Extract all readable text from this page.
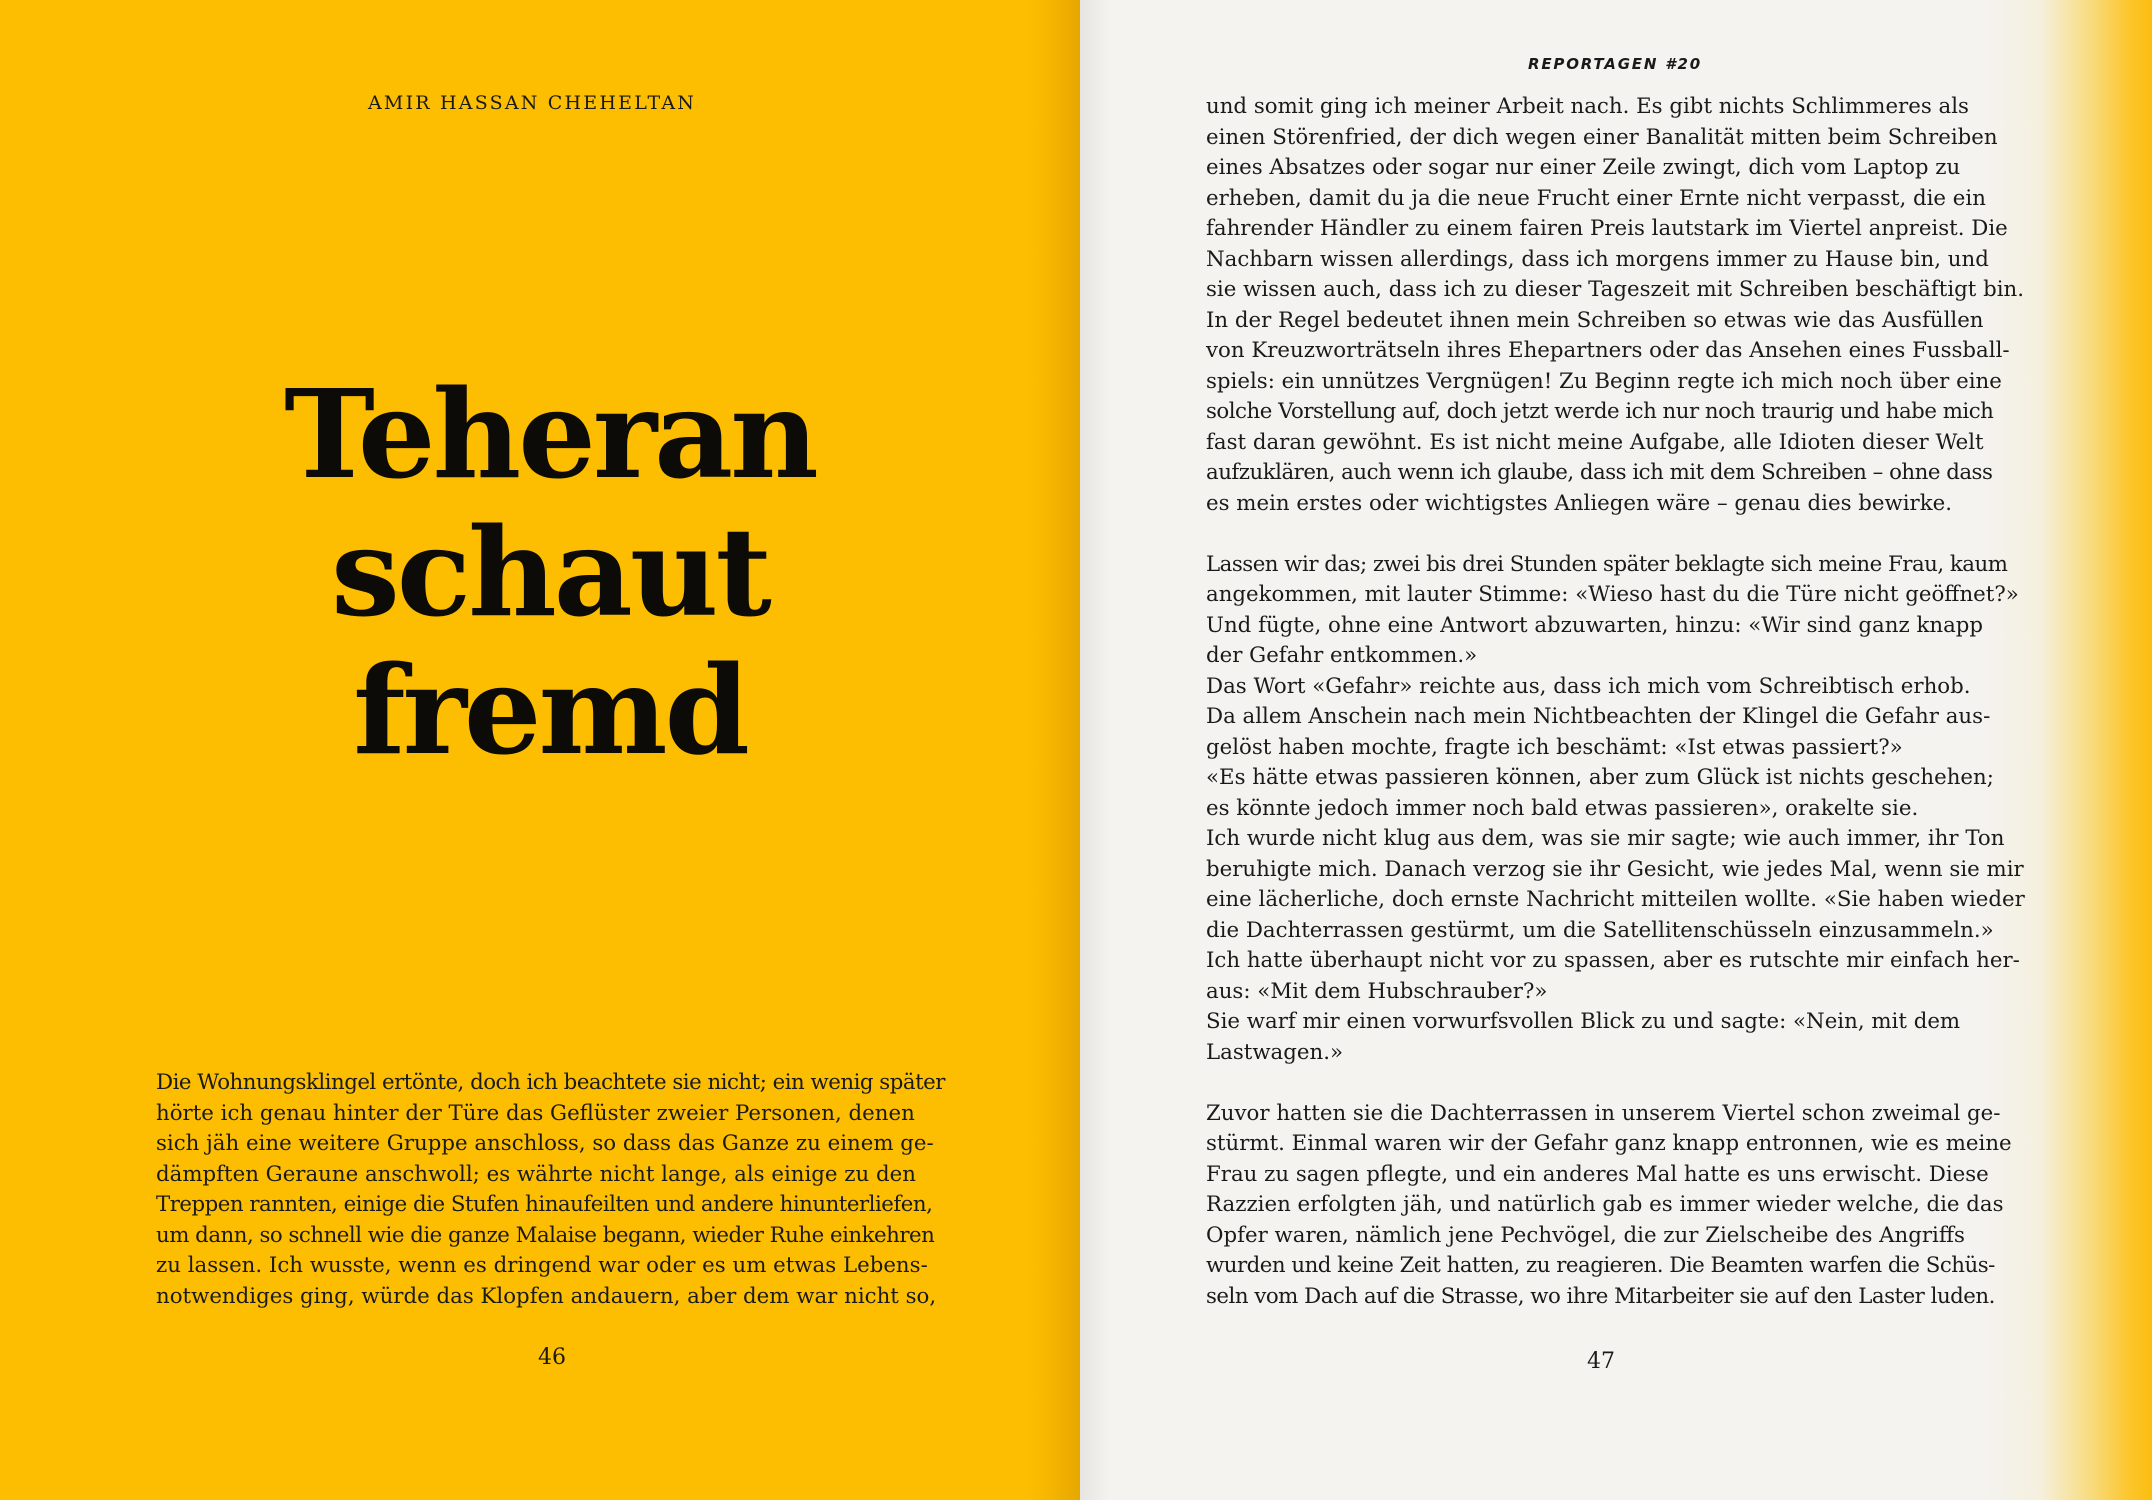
AMIR HASSAN CHEHELTAN
Teheran
schaut
fremd
Die Wohnungsklingel ertönte, doch ich beachtete sie nicht; ein wenig später
hörte ich genau hinter der Türe das Geflüster zweier Personen, denen
sich jäh eine weitere Gruppe anschloss, so dass das Ganze zu einem ge-
dämpften Geraune anschwoll; es währte nicht lange, als einige zu den
Treppen rannten, einige die Stufen hinaufeilten und andere hinunterliefen,
um dann, so schnell wie die ganze Malaise begann, wieder Ruhe einkehren
zu lassen. Ich wusste, wenn es dringend war oder es um etwas Lebens-
notwendiges ging, würde das Klopfen andauern, aber dem war nicht so,
46
REPORTAGEN #20
und somit ging ich meiner Arbeit nach. Es gibt nichts Schlimmeres als
einen Störenfried, der dich wegen einer Banalität mitten beim Schreiben
eines Absatzes oder sogar nur einer Zeile zwingt, dich vom Laptop zu
erheben, damit du ja die neue Frucht einer Ernte nicht verpasst, die ein
fahrender Händler zu einem fairen Preis lautstark im Viertel anpreist. Die
Nachbarn wissen allerdings, dass ich morgens immer zu Hause bin, und
sie wissen auch, dass ich zu dieser Tageszeit mit Schreiben beschäftigt bin.
In der Regel bedeutet ihnen mein Schreiben so etwas wie das Ausfüllen
von Kreuzworträtseln ihres Ehepartners oder das Ansehen eines Fussball-
spiels: ein unnützes Vergnügen! Zu Beginn regte ich mich noch über eine
solche Vorstellung auf, doch jetzt werde ich nur noch traurig und habe mich
fast daran gewöhnt. Es ist nicht meine Aufgabe, alle Idioten dieser Welt
aufzuklären, auch wenn ich glaube, dass ich mit dem Schreiben – ohne dass
es mein erstes oder wichtigstes Anliegen wäre – genau dies bewirke.
Lassen wir das; zwei bis drei Stunden später beklagte sich meine Frau, kaum
angekommen, mit lauter Stimme: «Wieso hast du die Türe nicht geöffnet?»
Und fügte, ohne eine Antwort abzuwarten, hinzu: «Wir sind ganz knapp
der Gefahr entkommen.»
Das Wort «Gefahr» reichte aus, dass ich mich vom Schreibtisch erhob.
Da allem Anschein nach mein Nichtbeachten der Klingel die Gefahr aus-
gelöst haben mochte, fragte ich beschämt: «Ist etwas passiert?»
«Es hätte etwas passieren können, aber zum Glück ist nichts geschehen;
es könnte jedoch immer noch bald etwas passieren», orakelte sie.
Ich wurde nicht klug aus dem, was sie mir sagte; wie auch immer, ihr Ton
beruhigte mich. Danach verzog sie ihr Gesicht, wie jedes Mal, wenn sie mir
eine lächerliche, doch ernste Nachricht mitteilen wollte. «Sie haben wieder
die Dachterrassen gestürmt, um die Satellitenschüsseln einzusammeln.»
Ich hatte überhaupt nicht vor zu spassen, aber es rutschte mir einfach her-
aus: «Mit dem Hubschrauber?»
Sie warf mir einen vorwurfsvollen Blick zu und sagte: «Nein, mit dem
Lastwagen.»
Zuvor hatten sie die Dachterrassen in unserem Viertel schon zweimal ge-
stürmt. Einmal waren wir der Gefahr ganz knapp entronnen, wie es meine
Frau zu sagen pflegte, und ein anderes Mal hatte es uns erwischt. Diese
Razzien erfolgten jäh, und natürlich gab es immer wieder welche, die das
Opfer waren, nämlich jene Pechvögel, die zur Zielscheibe des Angriffs
wurden und keine Zeit hatten, zu reagieren. Die Beamten warfen die Schüs-
seln vom Dach auf die Strasse, wo ihre Mitarbeiter sie auf den Laster luden.
47
